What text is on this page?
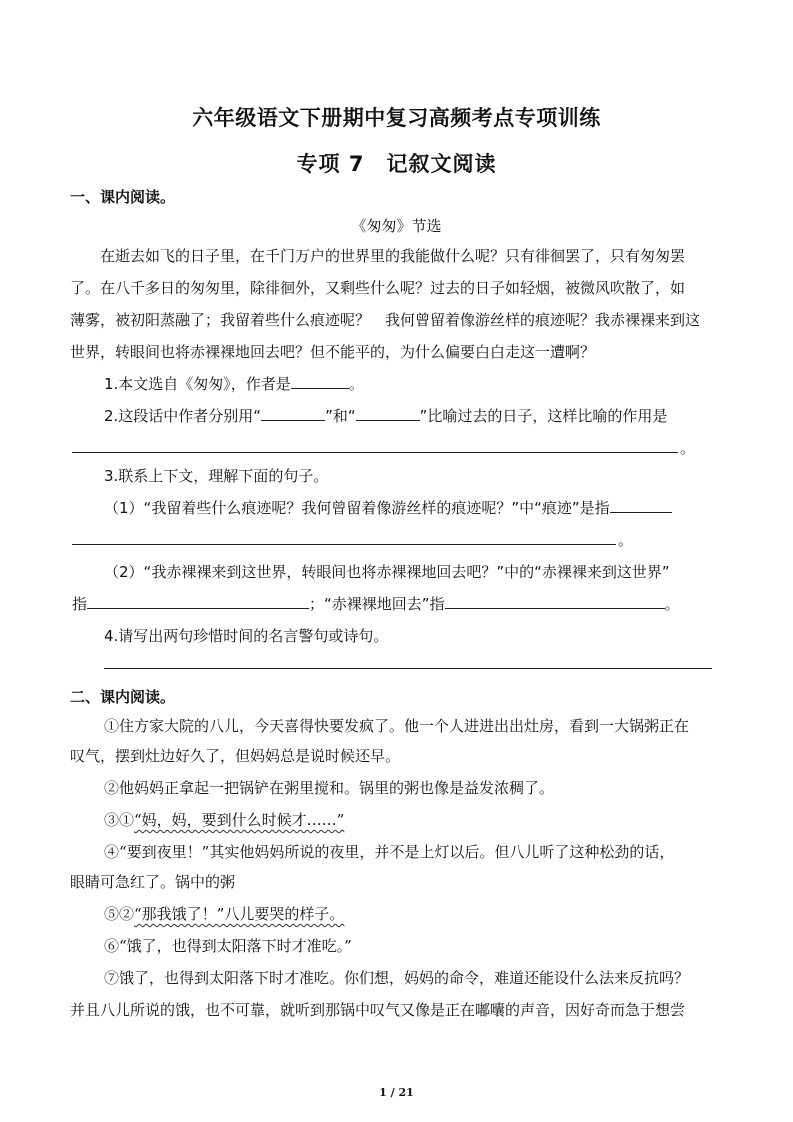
六年级语文下册期中复习高频考点专项训练
专项 7　记叙文阅读
一、课内阅读。
《匆匆》节选
在逝去如飞的日子里，在千门万户的世界里的我能做什么呢？只有徘徊罢了，只有匆匆罢
了。在八千多日的匆匆里，除徘徊外，又剩些什么呢？过去的日子如轻烟，被微风吹散了，如
薄雾，被初阳蒸融了；我留着些什么痕迹呢？　我何曾留着像游丝样的痕迹呢？我赤裸裸来到这
世界，转眼间也将赤裸裸地回去吧？但不能平的，为什么偏要白白走这一遭啊？
1.本文选自《匆匆》，作者是	。
2.这段话中作者分别用“	”和“	”比喻过去的日子，这样比喻的作用是
。
3.联系上下文，理解下面的句子。
（1）“我留着些什么痕迹呢？我何曾留着像游丝样的痕迹呢？”中“痕迹”是指
。
（2）“我赤裸裸来到这世界，转眼间也将赤裸裸地回去吧？”中的“赤裸裸来到这世界”
指	；“赤裸裸地回去”指	。
4.请写出两句珍惜时间的名言警句或诗句。
二、课内阅读。
①住方家大院的八儿，今天喜得快要发疯了。他一个人进进出出灶房，看到一大锅粥正在
叹气，摆到灶边好久了，但妈妈总是说时候还早。
②他妈妈正拿起一把锅铲在粥里搅和。锅里的粥也像是益发浓稠了。
③①“妈，妈，要到什么时候才……”
④“要到夜里！”其实他妈妈所说的夜里，并不是上灯以后。但八儿听了这种松劲的话，
眼睛可急红了。锅中的粥
⑤②“那我饿了！”八儿要哭的样子。
⑥“饿了，也得到太阳落下时才准吃。”
⑦饿了，也得到太阳落下时才准吃。你们想，妈妈的命令，难道还能设什么法来反抗吗？
并且八儿所说的饿，也不可靠，就听到那锅中叹气又像是正在嘟囔的声音，因好奇而急于想尝
1 / 21
